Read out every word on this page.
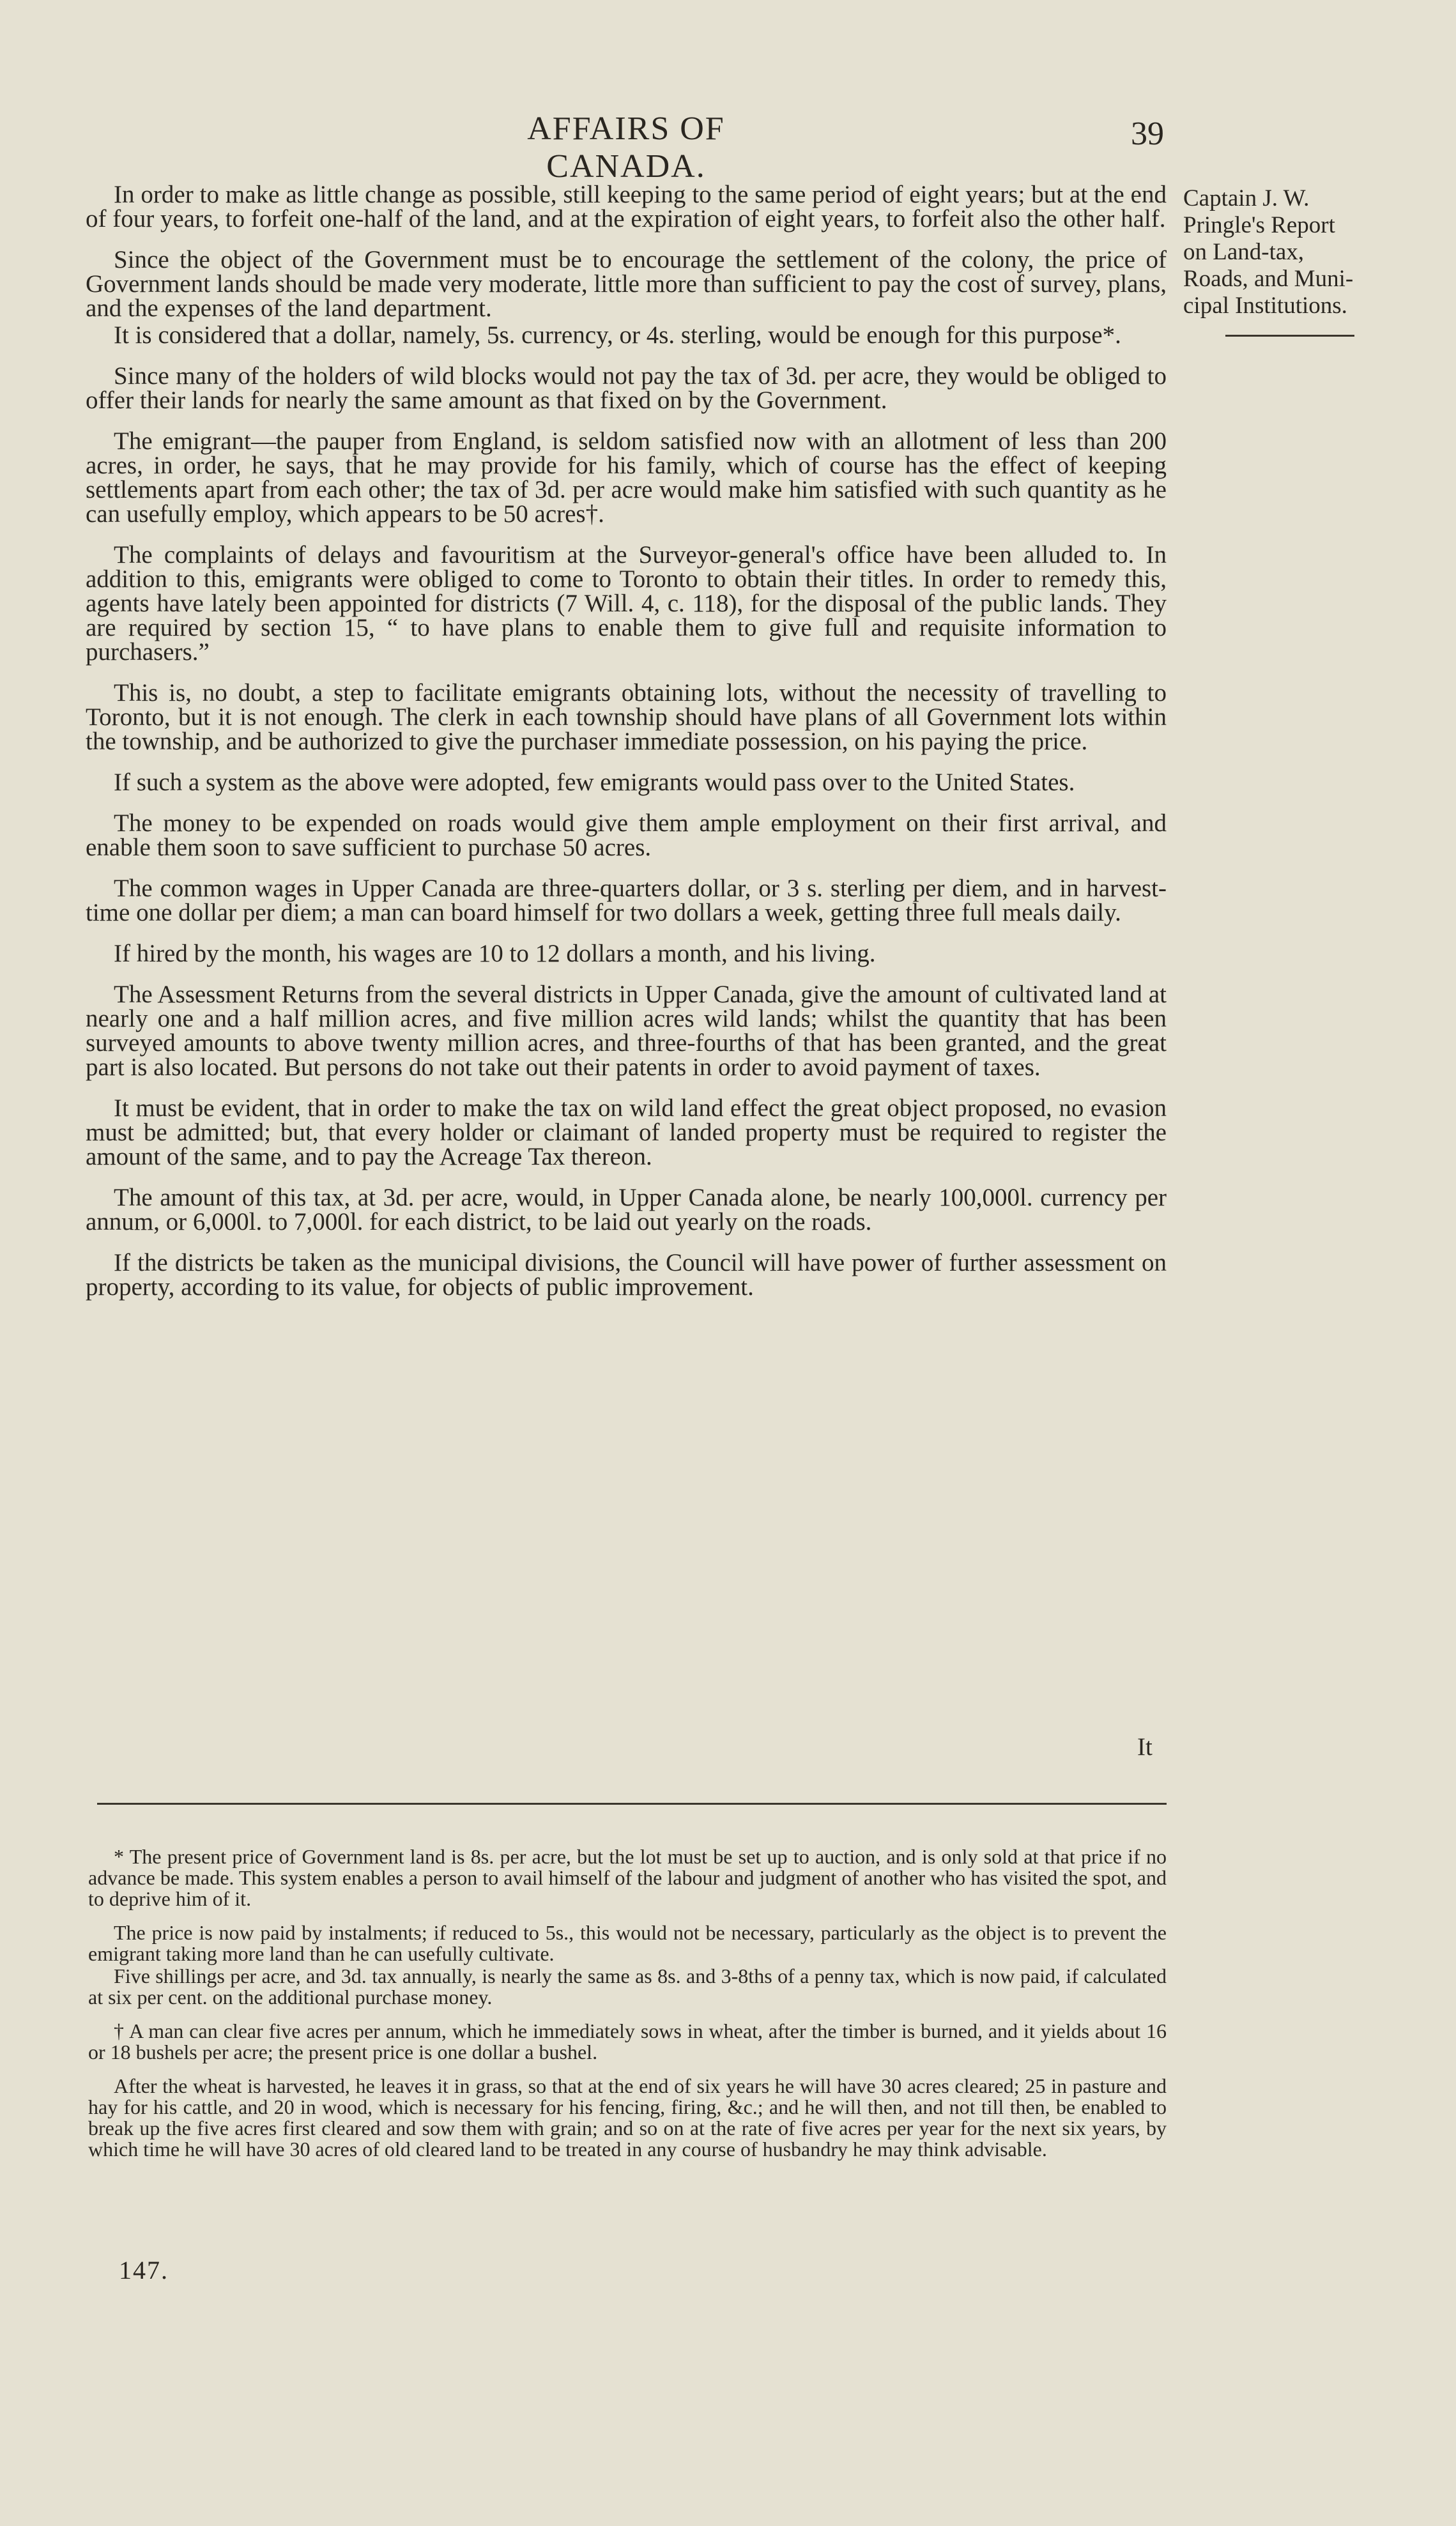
AFFAIRS OF CANADA.
39
Captain J. W.
Pringle's Report
on Land-tax,
Roads, and Muni-
cipal Institutions.

In order to make as little change as possible, still keeping to the same period of eight years; but at the end of four years, to forfeit one-half of the land, and at the expiration of eight years, to forfeit also the other half.

Since the object of the Government must be to encourage the settlement of the colony, the price of Government lands should be made very moderate, little more than sufficient to pay the cost of survey, plans, and the expenses of the land department.

It is considered that a dollar, namely, 5s. currency, or 4s. sterling, would be enough for this purpose*.

Since many of the holders of wild blocks would not pay the tax of 3d. per acre, they would be obliged to offer their lands for nearly the same amount as that fixed on by the Government.

The emigrant—the pauper from England, is seldom satisfied now with an allotment of less than 200 acres, in order, he says, that he may provide for his family, which of course has the effect of keeping settlements apart from each other; the tax of 3d. per acre would make him satisfied with such quantity as he can usefully employ, which appears to be 50 acres†.

The complaints of delays and favouritism at the Surveyor-general's office have been alluded to. In addition to this, emigrants were obliged to come to Toronto to obtain their titles. In order to remedy this, agents have lately been appointed for districts (7 Will. 4, c. 118), for the disposal of the public lands. They are required by section 15, “ to have plans to enable them to give full and requisite information to purchasers.”

This is, no doubt, a step to facilitate emigrants obtaining lots, without the necessity of travelling to Toronto, but it is not enough. The clerk in each township should have plans of all Government lots within the township, and be authorized to give the purchaser immediate possession, on his paying the price.

If such a system as the above were adopted, few emigrants would pass over to the United States.

The money to be expended on roads would give them ample employment on their first arrival, and enable them soon to save sufficient to purchase 50 acres.

The common wages in Upper Canada are three-quarters dollar, or 3 s. sterling per diem, and in harvest-time one dollar per diem; a man can board himself for two dollars a week, getting three full meals daily.

If hired by the month, his wages are 10 to 12 dollars a month, and his living.

The Assessment Returns from the several districts in Upper Canada, give the amount of cultivated land at nearly one and a half million acres, and five million acres wild lands; whilst the quantity that has been surveyed amounts to above twenty million acres, and three-fourths of that has been granted, and the great part is also located. But persons do not take out their patents in order to avoid payment of taxes.

It must be evident, that in order to make the tax on wild land effect the great object proposed, no evasion must be admitted; but, that every holder or claimant of landed property must be required to register the amount of the same, and to pay the Acreage Tax thereon.

The amount of this tax, at 3d. per acre, would, in Upper Canada alone, be nearly 100,000l. currency per annum, or 6,000l. to 7,000l. for each district, to be laid out yearly on the roads.

If the districts be taken as the municipal divisions, the Council will have power of further assessment on property, according to its value, for objects of public improvement.

It

* The present price of Government land is 8s. per acre, but the lot must be set up to auction, and is only sold at that price if no advance be made. This system enables a person to avail himself of the labour and judgment of another who has visited the spot, and to deprive him of it.

The price is now paid by instalments; if reduced to 5s., this would not be necessary, particularly as the object is to prevent the emigrant taking more land than he can usefully cultivate.

Five shillings per acre, and 3d. tax annually, is nearly the same as 8s. and 3-8ths of a penny tax, which is now paid, if calculated at six per cent. on the additional purchase money.

† A man can clear five acres per annum, which he immediately sows in wheat, after the timber is burned, and it yields about 16 or 18 bushels per acre; the present price is one dollar a bushel.

After the wheat is harvested, he leaves it in grass, so that at the end of six years he will have 30 acres cleared; 25 in pasture and hay for his cattle, and 20 in wood, which is necessary for his fencing, firing, &c.; and he will then, and not till then, be enabled to break up the five acres first cleared and sow them with grain; and so on at the rate of five acres per year for the next six years, by which time he will have 30 acres of old cleared land to be treated in any course of husbandry he may think advisable.

147.
